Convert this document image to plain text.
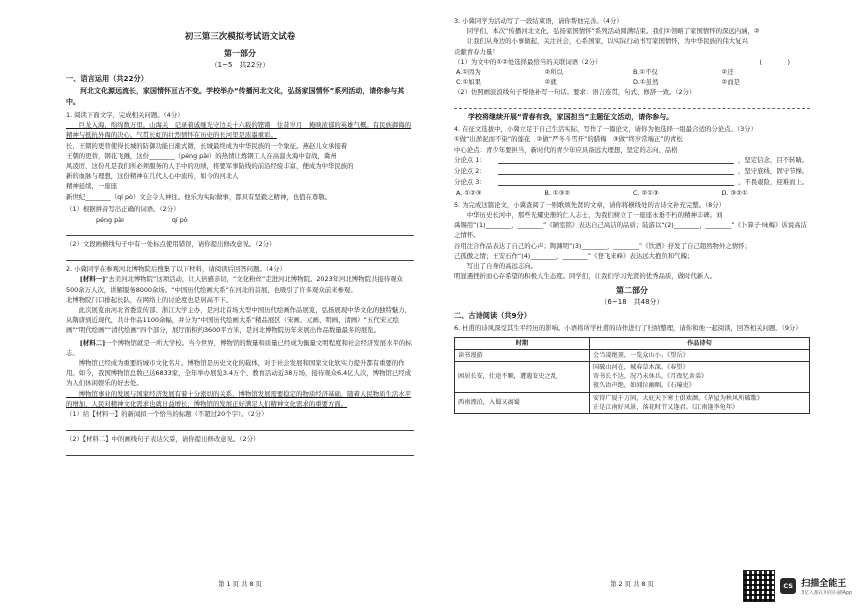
初三第三次模拟考试语文试卷
第一部分
（1~5　共22分）
一、语言运用（共22分）
河北文化源远流长，家国情怀亘古不变。学校举办“传播河北文化，弘扬家国情怀”系列活动，请你参与其中。

1. 阅读下面文字，完成相关问题。（4分）

　　巨龙入海，绵绵数万里。山海关　记录着戚继光守边关十六载的铿锵　往昔岁月　掩映浓郁的英雄气概。有民族御侮的精神与抵抗外侮的决心。气贯长虹的壮烈情怀在历史的长河里是浓墨重彩。

长，王朝的更替使得长城的防御功能日渐式微，长城最终成为中华民族的一个象征。燕赵儿女承接着

王朝的更替，钢花飞溅，这份________（péng pài）的热情让炼钢工人在高温火海中奋战，冀州

风凌厉，这份凡是我们所必须服务的人手中的功绩，将要军事防线的前沿经验丰富，便成为中华民族的

新的血脉与理想，这份精神在几代人心中流传，如今的河北人

精神延续，一座座

新世纪________（qí pò）文会令人神往。他乐为实际做事，都具有坚毅之精神，也值在尊敬。

（1）根据拼音写出正确的词语。（2分）

péng pài	qí pò

（2）文段画横线句子中有一处标点使用错误，请你提出修改意见。（2分）

2. 小冀同学在参观河北博物院后搜集了以下材料，请阅读后回答问题。（4分）

[材料一]“去美河北博物院”这项活动，让人倍感亲切，“文化粉丝”走进河北博物院。2023年河北博物院共接待观众500余万人次，讲解服务8000余场。“中国历代绘画大系”在河北的首展，也吸引了许多观众前来参观。

北博物院门口排起长队，在网络上的讨论度也是居高不下。

　　此次展览由河北省委宣传部、浙江大学主办，是河北首场大型中国历代绘画作品展览，弘扬展现中华文化的独特魅力，从隋唐到近现代，共计作品1100余幅，并分为“中国历代绘画大系”精品展区（宋画、元画、明画、清画）“五代宋元绘画”“明代绘画”“清代绘画”四个部分，展厅面积约3600平方米，是河北博物院历年来展出作品数量最多的展览。

[材料二]一个博物馆就是一所大学校。当今世界，博物馆的数量和质量已经成为衡量文明程度和社会经济发展水平的标志。

　　博物馆已经成为重要的城市文化名片。博物馆是历史文化的载体，对于社会发展和国家文化软实力提升都有重要的作用。如今，我国博物馆总数已达6833家，全年举办展览3.4万个、教育活动近38万场，接待观众6.4亿人次，博物馆已经成为人们休闲娱乐的好去处。

　　博物馆事业的发展与国家经济发展有着十分密切的关系，博物馆发展需要稳定的物质经济基础，随着人民物质生活水平的增加，人民对精神文化需求也就日益增长，博物馆的发展正好满足人们精神文化需求的重要方面。

（1）给【材料一】的新闻拟一个恰当的标题（不超过20个字）。（2分）

（2）【材料二】中的画线句子表达欠妥，请你提出修改意见。（2分）

第 1 页 共 8 页

3. 小冀同学为活动写了一段结束语，请你帮他完善。（4分）

　　同学们，本次“传播河北文化，弘扬家国情怀”系列活动圆满结束。我们①领略了家国情怀的深远内涵，②

　　让我们从身边的小事做起，关注社会，心系国家，以实际行动书写家国情怀，为中华民族的伟大复兴

贡献青春力量！

（1）为文中的①②处选择最恰当的关联词语（2分）	(　　　　)

A.①因为	②所以	B.①不仅	②还
C.①如果	②就	D.①虽然	②而是

（2）仿照画波浪线句子帮他补写一句话。要求：语言连贯，句式、修辞一致。（2分）

学校将继续开展“青春有我，家国担当”主题征文活动，请你参与。

4. 在征文选拔中，小冀立足于自己生活实际，写作了一篇论文，请你为他选择一组最合适的分论点。（3分）

①做“出淤泥而不染”的莲花　②做“严冬斗雪开”的腊梅　③做“终岁常端正”的青松

中心论点：青少年要担当，新时代的青少年应具备远大理想、坚定的志向、品格

分论点 1：	，坚定信念，目不转睛。
分论点 2：	，坚守底线，固守节操。
分论点 3：	，不畏艰险，迎难而上。
A. ①②③	B. ①③②	C. ②①③	D. ③②①

5. 为完成这篇论文，小冀查阅了一则歌颂先贤的文章，请你将横线处的古诗文补充完整。（8分）

　　中华历史长河中，那些光耀史册的仁人志士，为我们树立了一座座永垂不朽的精神丰碑。刘

禹锡用“(1)________，________”《陋室铭》表达自己高洁的品质；陆游以“(2)________，________”《卜算子·咏梅》诉说高洁之情怀。

谷用注合作品表达了自己的心声；陶渊明“(3)________，________”《饮酒》抒发了自己超然物外之情怀；

己孤傲之情；王安石作“(4)________，________”《登飞来峰》表达远大抱负和气魄；

　　写出了自身的高远志向。

明显遇挫折而心存希望的积极人生态度。同学们，让我们学习先贤的优秀品质，做时代新人。

第二部分
（6~18　共48分）
二、古诗阅读（共9分）

6. 杜甫的诗风深受其生平经历的影响。小语将所学杜甫的诗作进行了归纳整理，请你和他一起阅读，回答相关问题。（9分）

时期	作品诗句
读书漫游	会当凌绝顶，一览众山小。《望岳》

困居长安，仕途不顺，遭遇安史之乱	国破山河在，城春草木深。《春望》
寄书长不达，况乃未休兵。《月夜忆舍弟》
夜久语声绝，如闻泣幽咽。《石壕吏》

西南漂泊，入蜀又离蜀	安得广厦千万间，大庇天下寒士俱欢颜。《茅屋为秋风所破歌》
正是江南好风景，落花时节又逢君。《江南逢李龟年》
第 2 页 共 8 页	CS 扫描全能王
3亿人都在用的扫描App
